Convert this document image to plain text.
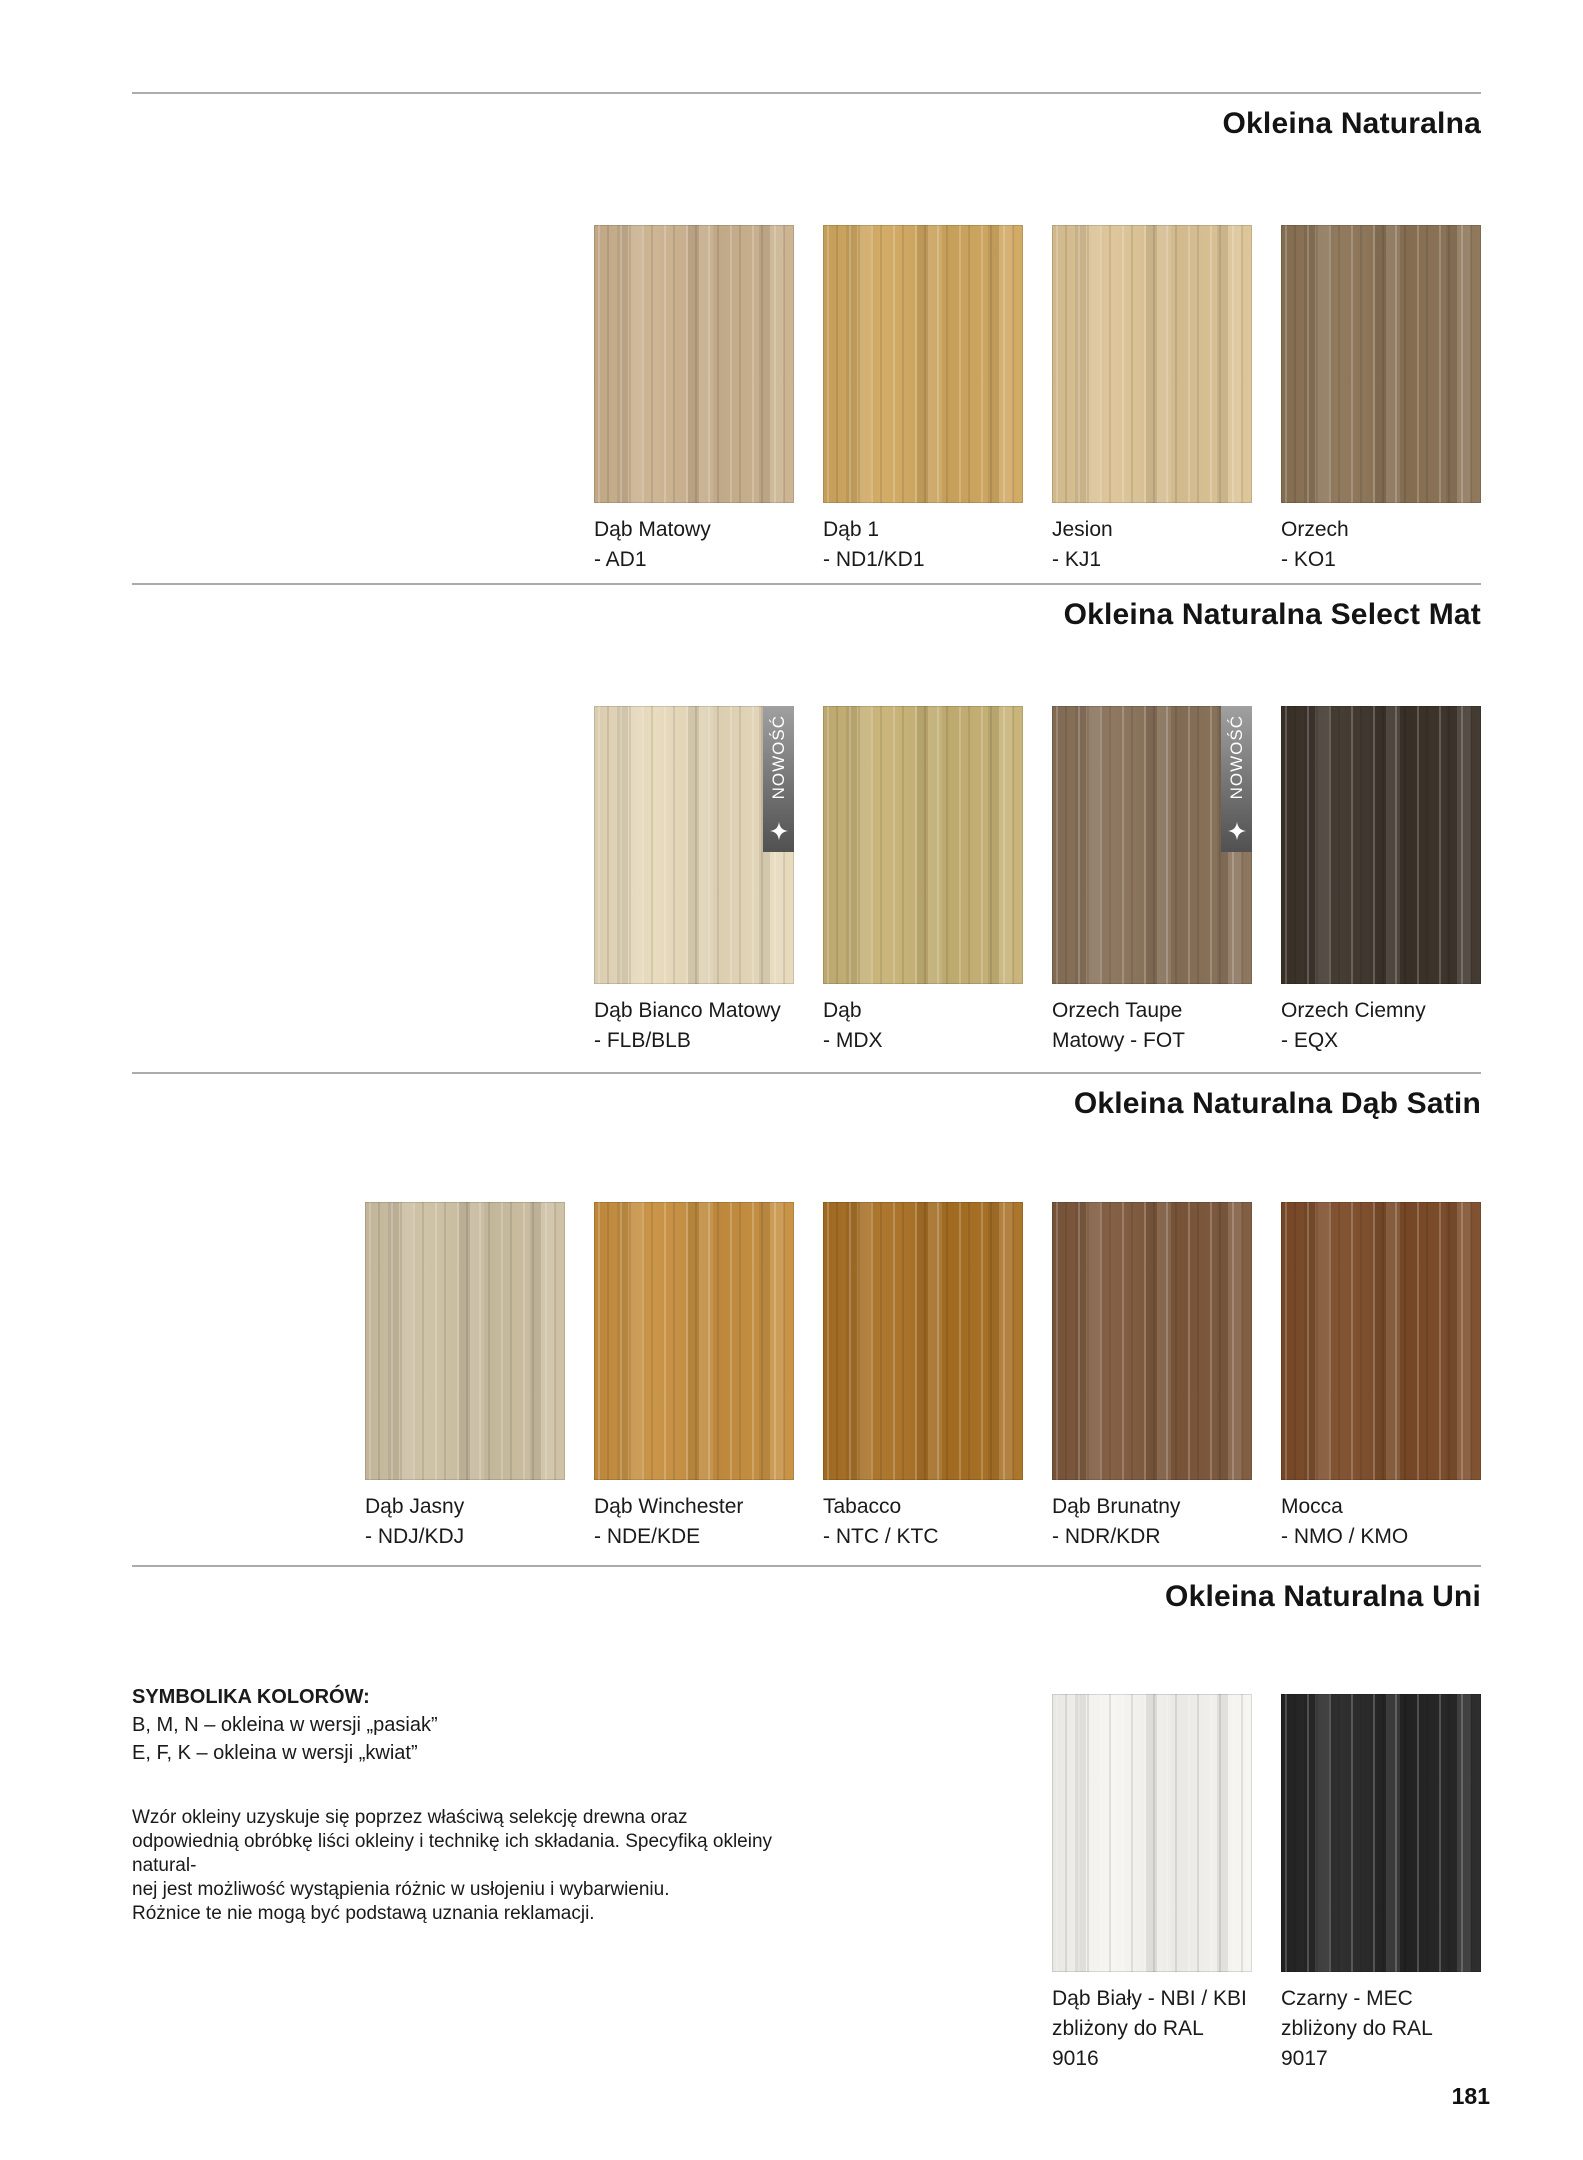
Okleina Naturalna
Dąb Matowy
- AD1
Dąb 1
- ND1/KD1
Jesion
- KJ1
Orzech
- KO1
Okleina Naturalna Select Mat
NOWOŚĆ
Dąb Bianco Matowy
- FLB/BLB
Dąb
- MDX
NOWOŚĆ
Orzech Taupe
Matowy - FOT
Orzech Ciemny
- EQX
Okleina Naturalna Dąb Satin
Dąb Jasny
- NDJ/KDJ
Dąb Winchester
- NDE/KDE
Tabacco
- NTC / KTC
Dąb Brunatny
- NDR/KDR
Mocca
- NMO / KMO
Okleina Naturalna Uni
SYMBOLIKA KOLORÓW:
B, M, N – okleina w wersji „pasiak”
E, F, K – okleina w wersji „kwiat”
Wzór okleiny uzyskuje się poprzez właściwą selekcję drewna oraz
odpowiednią obróbkę liści okleiny i technikę ich składania. Specyfiką okleiny natural-
nej jest możliwość wystąpienia różnic w usłojeniu i wybarwieniu.
Różnice te nie mogą być podstawą uznania reklamacji.
Dąb Biały - NBI / KBI
zbliżony do RAL 9016
Czarny - MEC
zbliżony do RAL 9017
181
